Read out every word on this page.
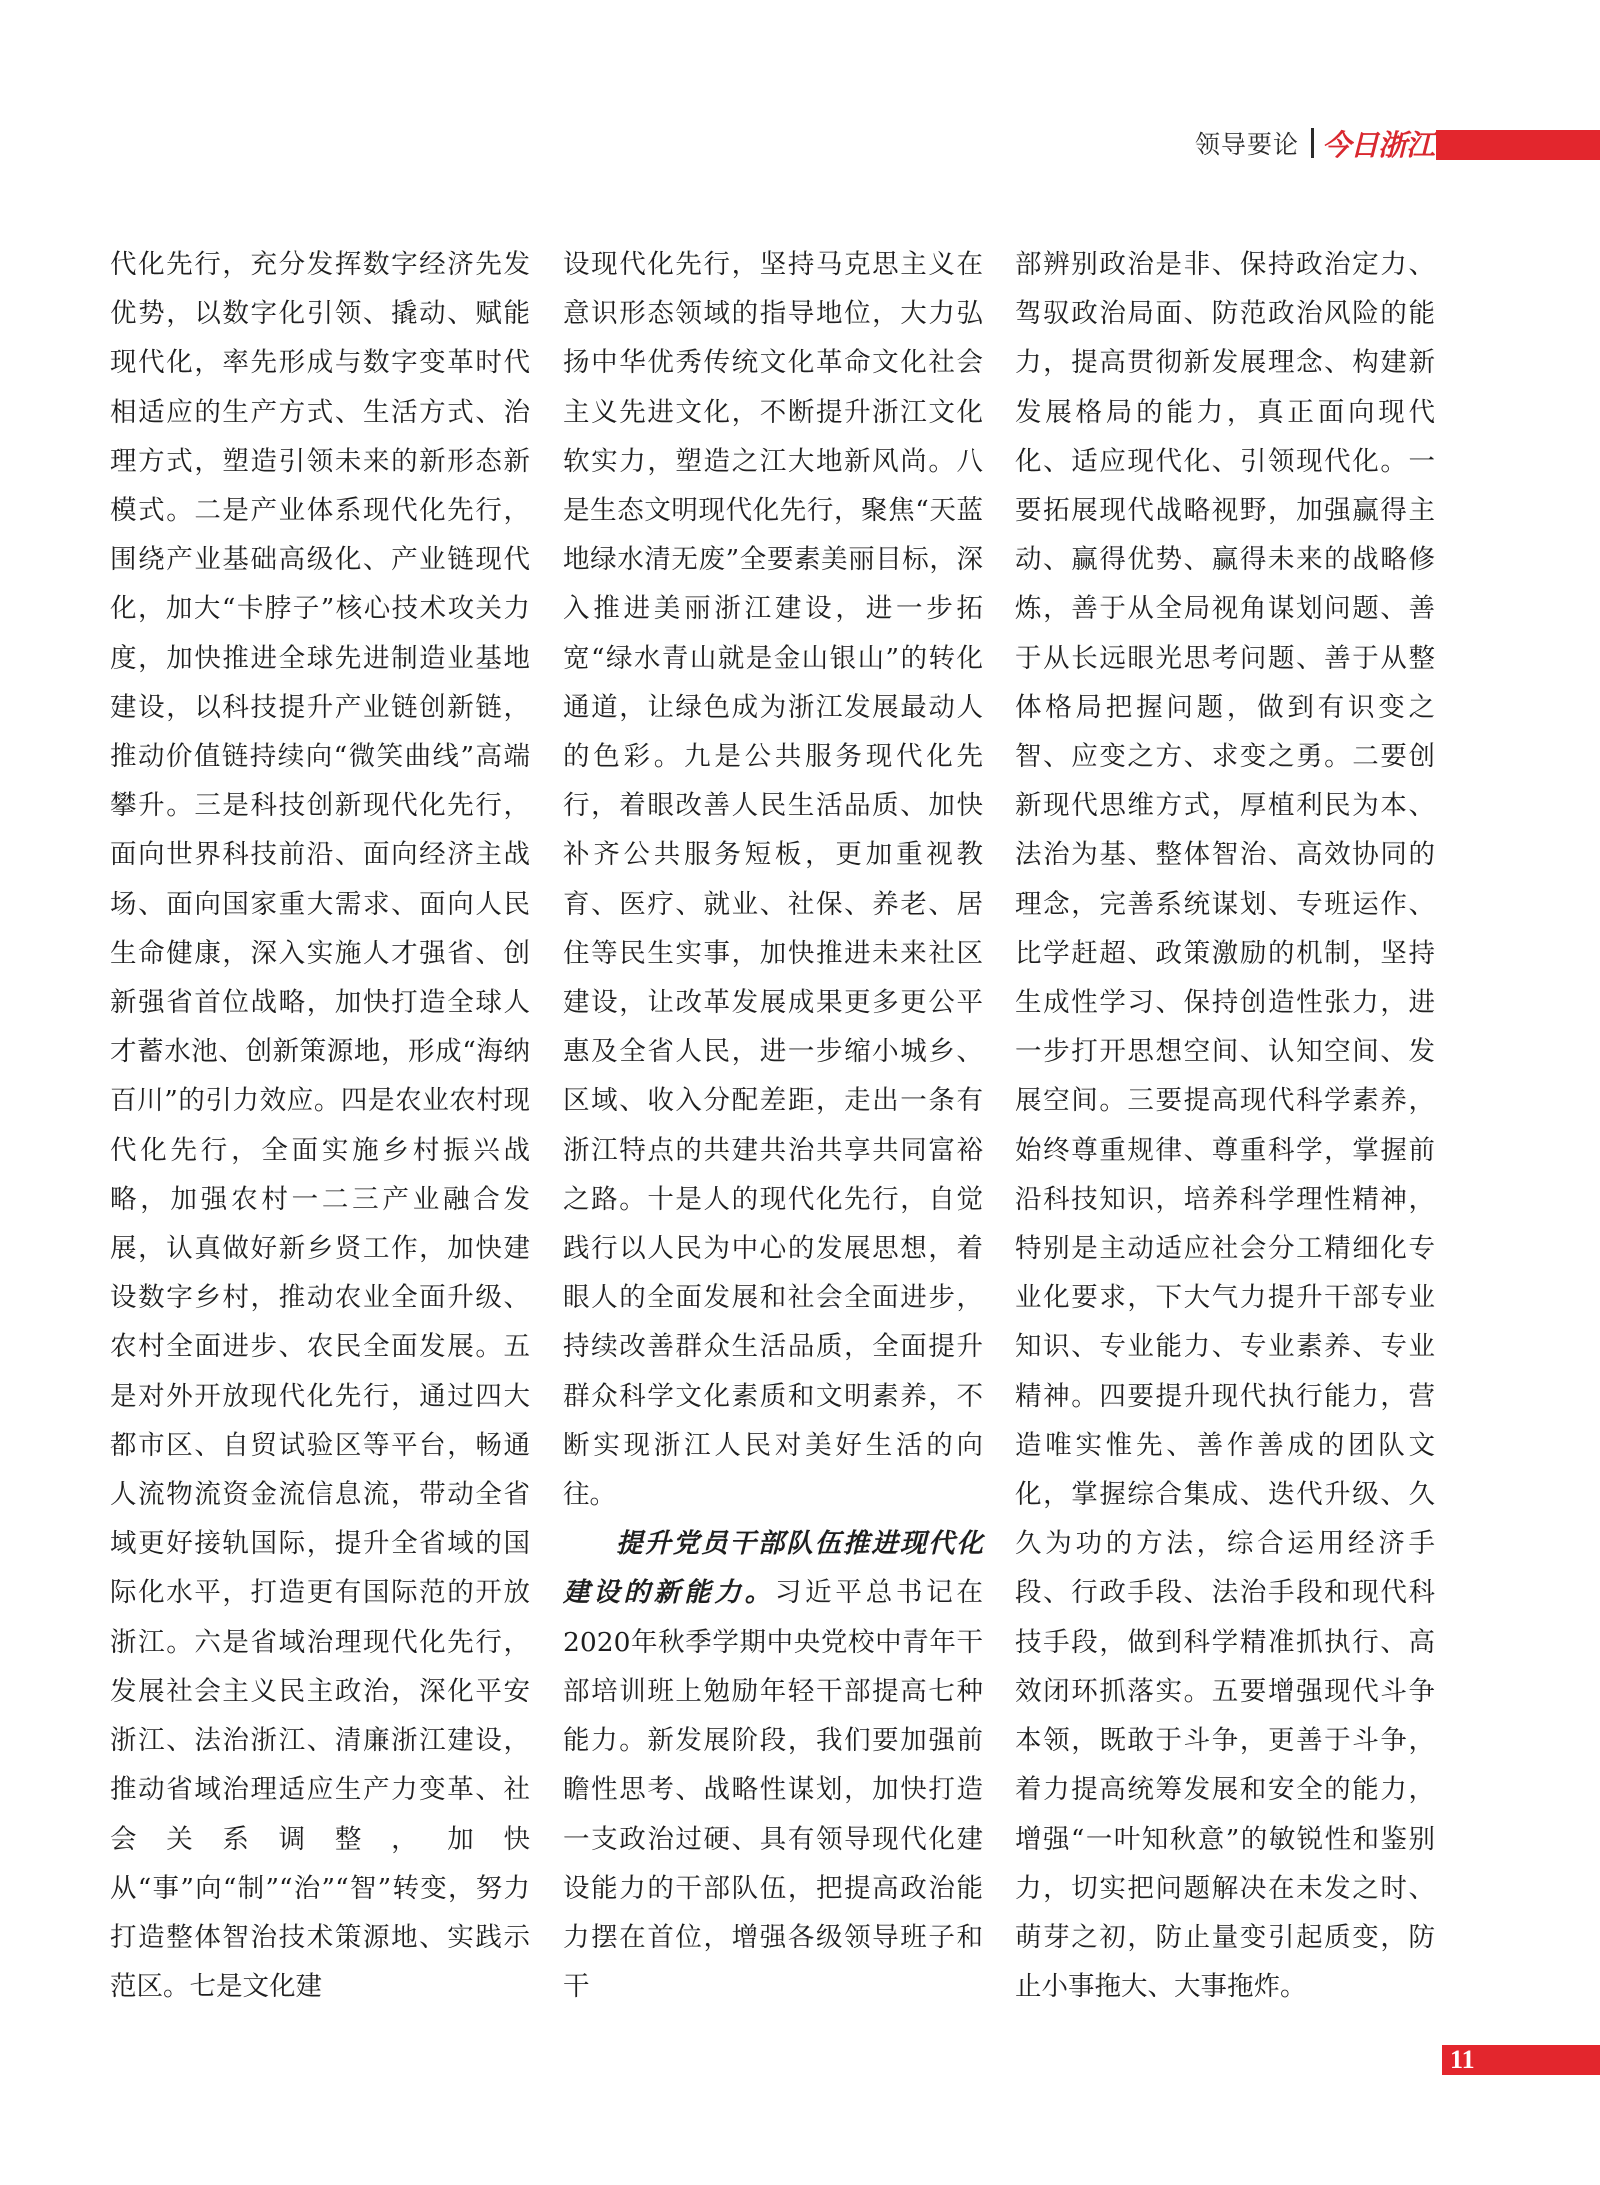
领导要论 今日浙江

代化先行，充分发挥数字经济先发优势，以数字化引领、撬动、赋能现代化，率先形成与数字变革时代相适应的生产方式、生活方式、治理方式，塑造引领未来的新形态新模式。二是产业体系现代化先行，围绕产业基础高级化、产业链现代化，加大“卡脖子”核心技术攻关力度，加快推进全球先进制造业基地建设，以科技提升产业链创新链，推动价值链持续向“微笑曲线”高端攀升。三是科技创新现代化先行，面向世界科技前沿、面向经济主战场、面向国家重大需求、面向人民生命健康，深入实施人才强省、创新强省首位战略，加快打造全球人才蓄水池、创新策源地，形成“海纳百川”的引力效应。四是农业农村现代化先行，全面实施乡村振兴战略，加强农村一二三产业融合发展，认真做好新乡贤工作，加快建设数字乡村，推动农业全面升级、农村全面进步、农民全面发展。五是对外开放现代化先行，通过四大都市区、自贸试验区等平台，畅通人流物流资金流信息流，带动全省域更好接轨国际，提升全省域的国际化水平，打造更有国际范的开放浙江。六是省域治理现代化先行，发展社会主义民主政治，深化平安浙江、法治浙江、清廉浙江建设，推动省域治理适应生产力变革、社会关系调整，加快从“事”向“制”“治”“智”转变，努力打造整体智治技术策源地、实践示范区。七是文化建

设现代化先行，坚持马克思主义在意识形态领域的指导地位，大力弘扬中华优秀传统文化革命文化社会主义先进文化，不断提升浙江文化软实力，塑造之江大地新风尚。八是生态文明现代化先行，聚焦“天蓝地绿水清无废”全要素美丽目标，深入推进美丽浙江建设，进一步拓宽“绿水青山就是金山银山”的转化通道，让绿色成为浙江发展最动人的色彩。九是公共服务现代化先行，着眼改善人民生活品质、加快补齐公共服务短板，更加重视教育、医疗、就业、社保、养老、居住等民生实事，加快推进未来社区建设，让改革发展成果更多更公平惠及全省人民，进一步缩小城乡、区域、收入分配差距，走出一条有浙江特点的共建共治共享共同富裕之路。十是人的现代化先行，自觉践行以人民为中心的发展思想，着眼人的全面发展和社会全面进步，持续改善群众生活品质，全面提升群众科学文化素质和文明素养，不断实现浙江人民对美好生活的向往。

提升党员干部队伍推进现代化建设的新能力。习近平总书记在2020年秋季学期中央党校中青年干部培训班上勉励年轻干部提高七种能力。新发展阶段，我们要加强前瞻性思考、战略性谋划，加快打造一支政治过硬、具有领导现代化建设能力的干部队伍，把提高政治能力摆在首位，增强各级领导班子和干

部辨别政治是非、保持政治定力、驾驭政治局面、防范政治风险的能力，提高贯彻新发展理念、构建新发展格局的能力，真正面向现代化、适应现代化、引领现代化。一要拓展现代战略视野，加强赢得主动、赢得优势、赢得未来的战略修炼，善于从全局视角谋划问题、善于从长远眼光思考问题、善于从整体格局把握问题，做到有识变之智、应变之方、求变之勇。二要创新现代思维方式，厚植利民为本、法治为基、整体智治、高效协同的理念，完善系统谋划、专班运作、比学赶超、政策激励的机制，坚持生成性学习、保持创造性张力，进一步打开思想空间、认知空间、发展空间。三要提高现代科学素养，始终尊重规律、尊重科学，掌握前沿科技知识，培养科学理性精神，特别是主动适应社会分工精细化专业化要求，下大气力提升干部专业知识、专业能力、专业素养、专业精神。四要提升现代执行能力，营造唯实惟先、善作善成的团队文化，掌握综合集成、迭代升级、久久为功的方法，综合运用经济手段、行政手段、法治手段和现代科技手段，做到科学精准抓执行、高效闭环抓落实。五要增强现代斗争本领，既敢于斗争，更善于斗争，着力提高统筹发展和安全的能力，增强“一叶知秋意”的敏锐性和鉴别力，切实把问题解决在未发之时、萌芽之初，防止量变引起质变，防止小事拖大、大事拖炸。

11
